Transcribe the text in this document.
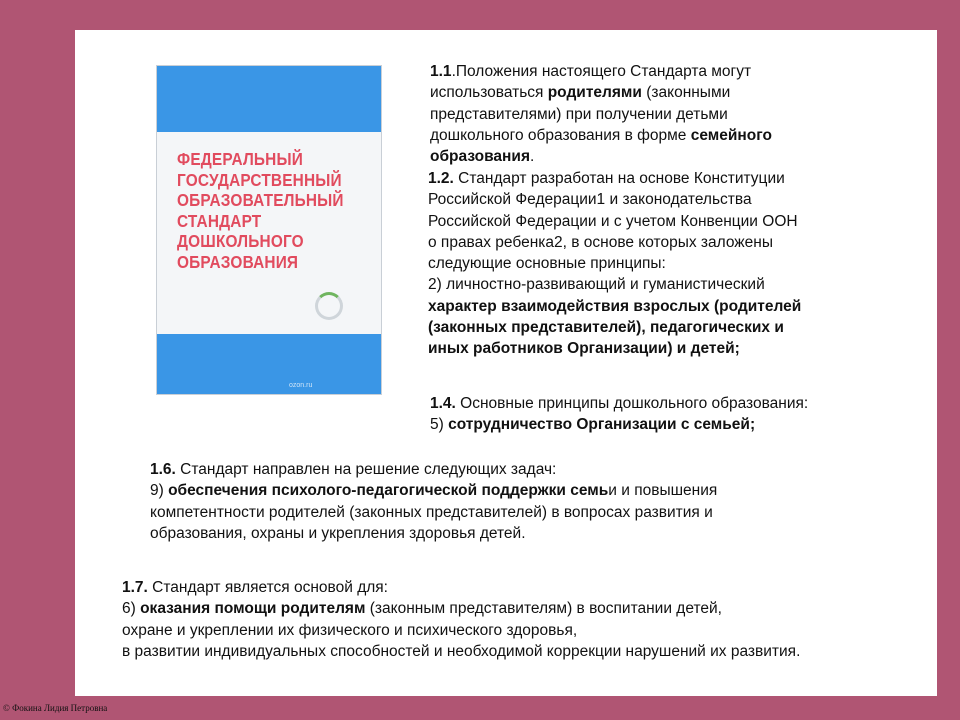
ФЕДЕРАЛЬНЫЙ
ГОСУДАРСТВЕННЫЙ
ОБРАЗОВАТЕЛЬНЫЙ
СТАНДАРТ
ДОШКОЛЬНОГО
ОБРАЗОВАНИЯ
ozon.ru
1.1.Положения настоящего Стандарта могут
использоваться родителями (законными
представителями) при получении детьми
дошкольного образования в форме семейного
образования.
1.2. Стандарт разработан на основе Конституции
Российской Федерации1 и законодательства
Российской Федерации и с учетом Конвенции ООН
о правах ребенка2, в основе которых заложены
следующие основные принципы:
2) личностно-развивающий и гуманистический
характер взаимодействия взрослых (родителей
(законных представителей), педагогических и
иных работников Организации) и детей;
1.4. Основные принципы дошкольного образования:
5) сотрудничество Организации с семьей;
1.6. Стандарт направлен на решение следующих задач:
9) обеспечения психолого-педагогической поддержки семьи и повышения
компетентности родителей (законных представителей) в вопросах развития и
образования, охраны и укрепления здоровья детей.
1.7. Стандарт является основой для:
6) оказания помощи родителям (законным представителям) в воспитании детей,
охране и укреплении их физического и психического здоровья,
в развитии индивидуальных способностей и необходимой коррекции нарушений их развития.
© Фокина Лидия Петровна
